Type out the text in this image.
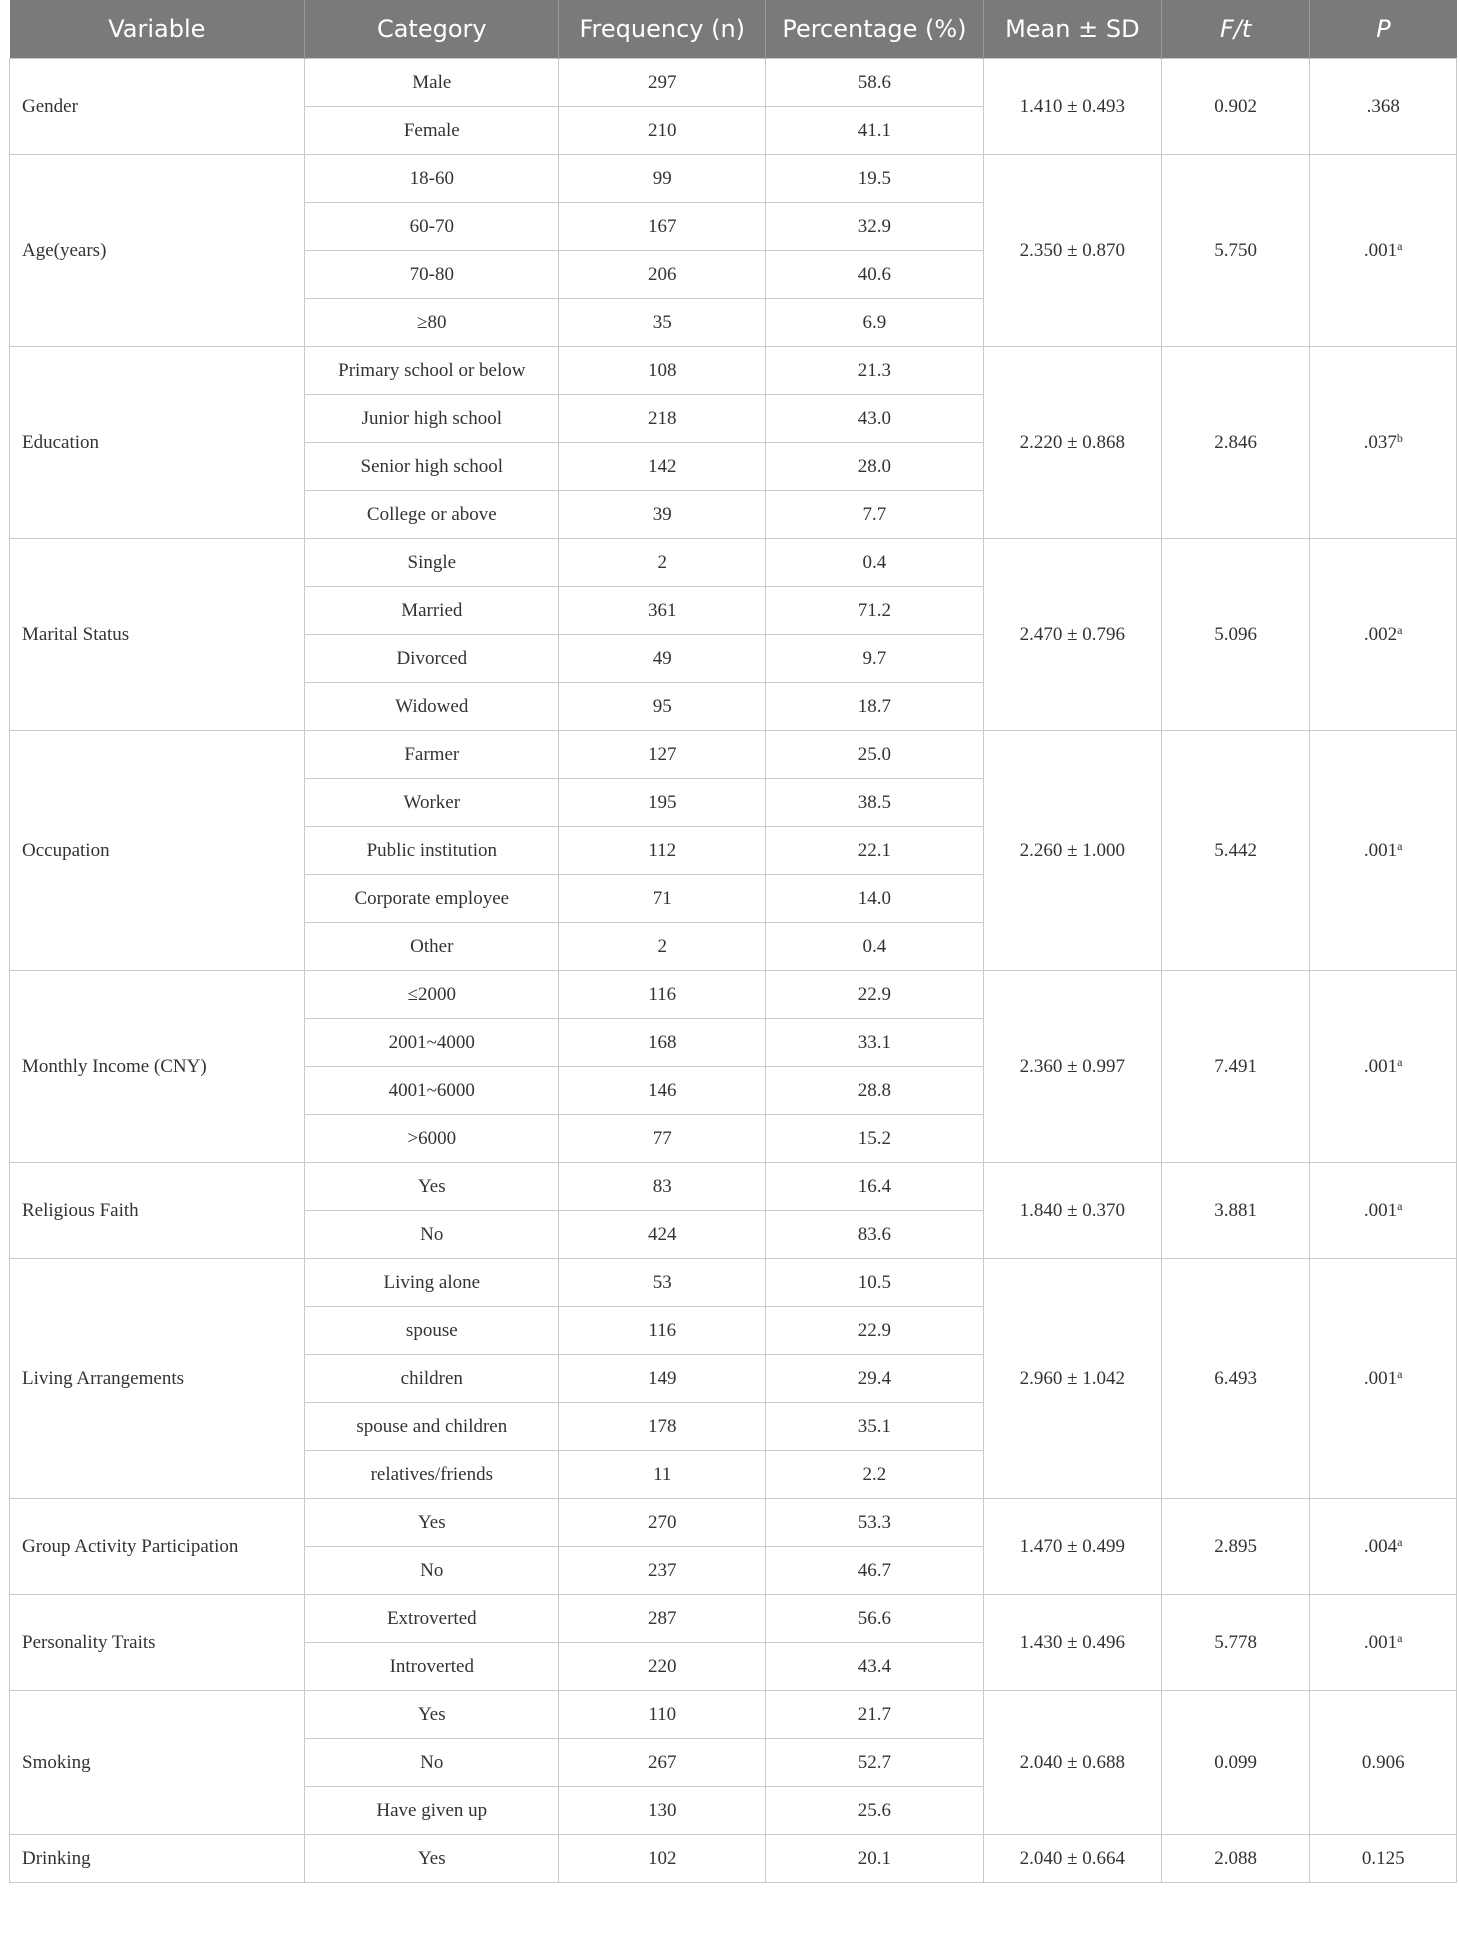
Variable	Category	Frequency (n)	Percentage (%)	Mean ± SD	F/t	P
Gender	Male	297	58.6	1.410 ± 0.493	0.902	.368
	Female	210	41.1			
Age(years)	18-60	99	19.5	2.350 ± 0.870	5.750	.001$^a$
	60-70	167	32.9			
	70-80	206	40.6			
	≥80	35	6.9			
Education	Primary school or below	108	21.3	2.220 ± 0.868	2.846	.037$^b$
	Junior high school	218	43.0			
	Senior high school	142	28.0			
	College or above	39	7.7			
Marital Status	Single	2	0.4	2.470 ± 0.796	5.096	.002$^a$
	Married	361	71.2			
	Divorced	49	9.7			
	Widowed	95	18.7			
Occupation	Farmer	127	25.0	2.260 ± 1.000	5.442	.001$^a$
	Worker	195	38.5			
	Public institution	112	22.1			
	Corporate employee	71	14.0			
	Other	2	0.4			
Monthly Income (CNY)	≤2000	116	22.9	2.360 ± 0.997	7.491	.001$^a$
	2001~4000	168	33.1			
	4001~6000	146	28.8			
	>6000	77	15.2			
Religious Faith	Yes	83	16.4	1.840 ± 0.370	3.881	.001$^a$
	No	424	83.6			
Living Arrangements	Living alone	53	10.5	2.960 ± 1.042	6.493	.001$^a$
	spouse	116	22.9			
	children	149	29.4			
	spouse and children	178	35.1			
	relatives/friends	11	2.2			
Group Activity Participation	Yes	270	53.3	1.470 ± 0.499	2.895	.004$^a$
	No	237	46.7			
Personality Traits	Extroverted	287	56.6	1.430 ± 0.496	5.778	.001$^a$
	Introverted	220	43.4			
Smoking	Yes	110	21.7	2.040 ± 0.688	0.099	0.906
	No	267	52.7			
	Have given up	130	25.6			
Drinking	Yes	102	20.1	2.040 ± 0.664	2.088	0.125
